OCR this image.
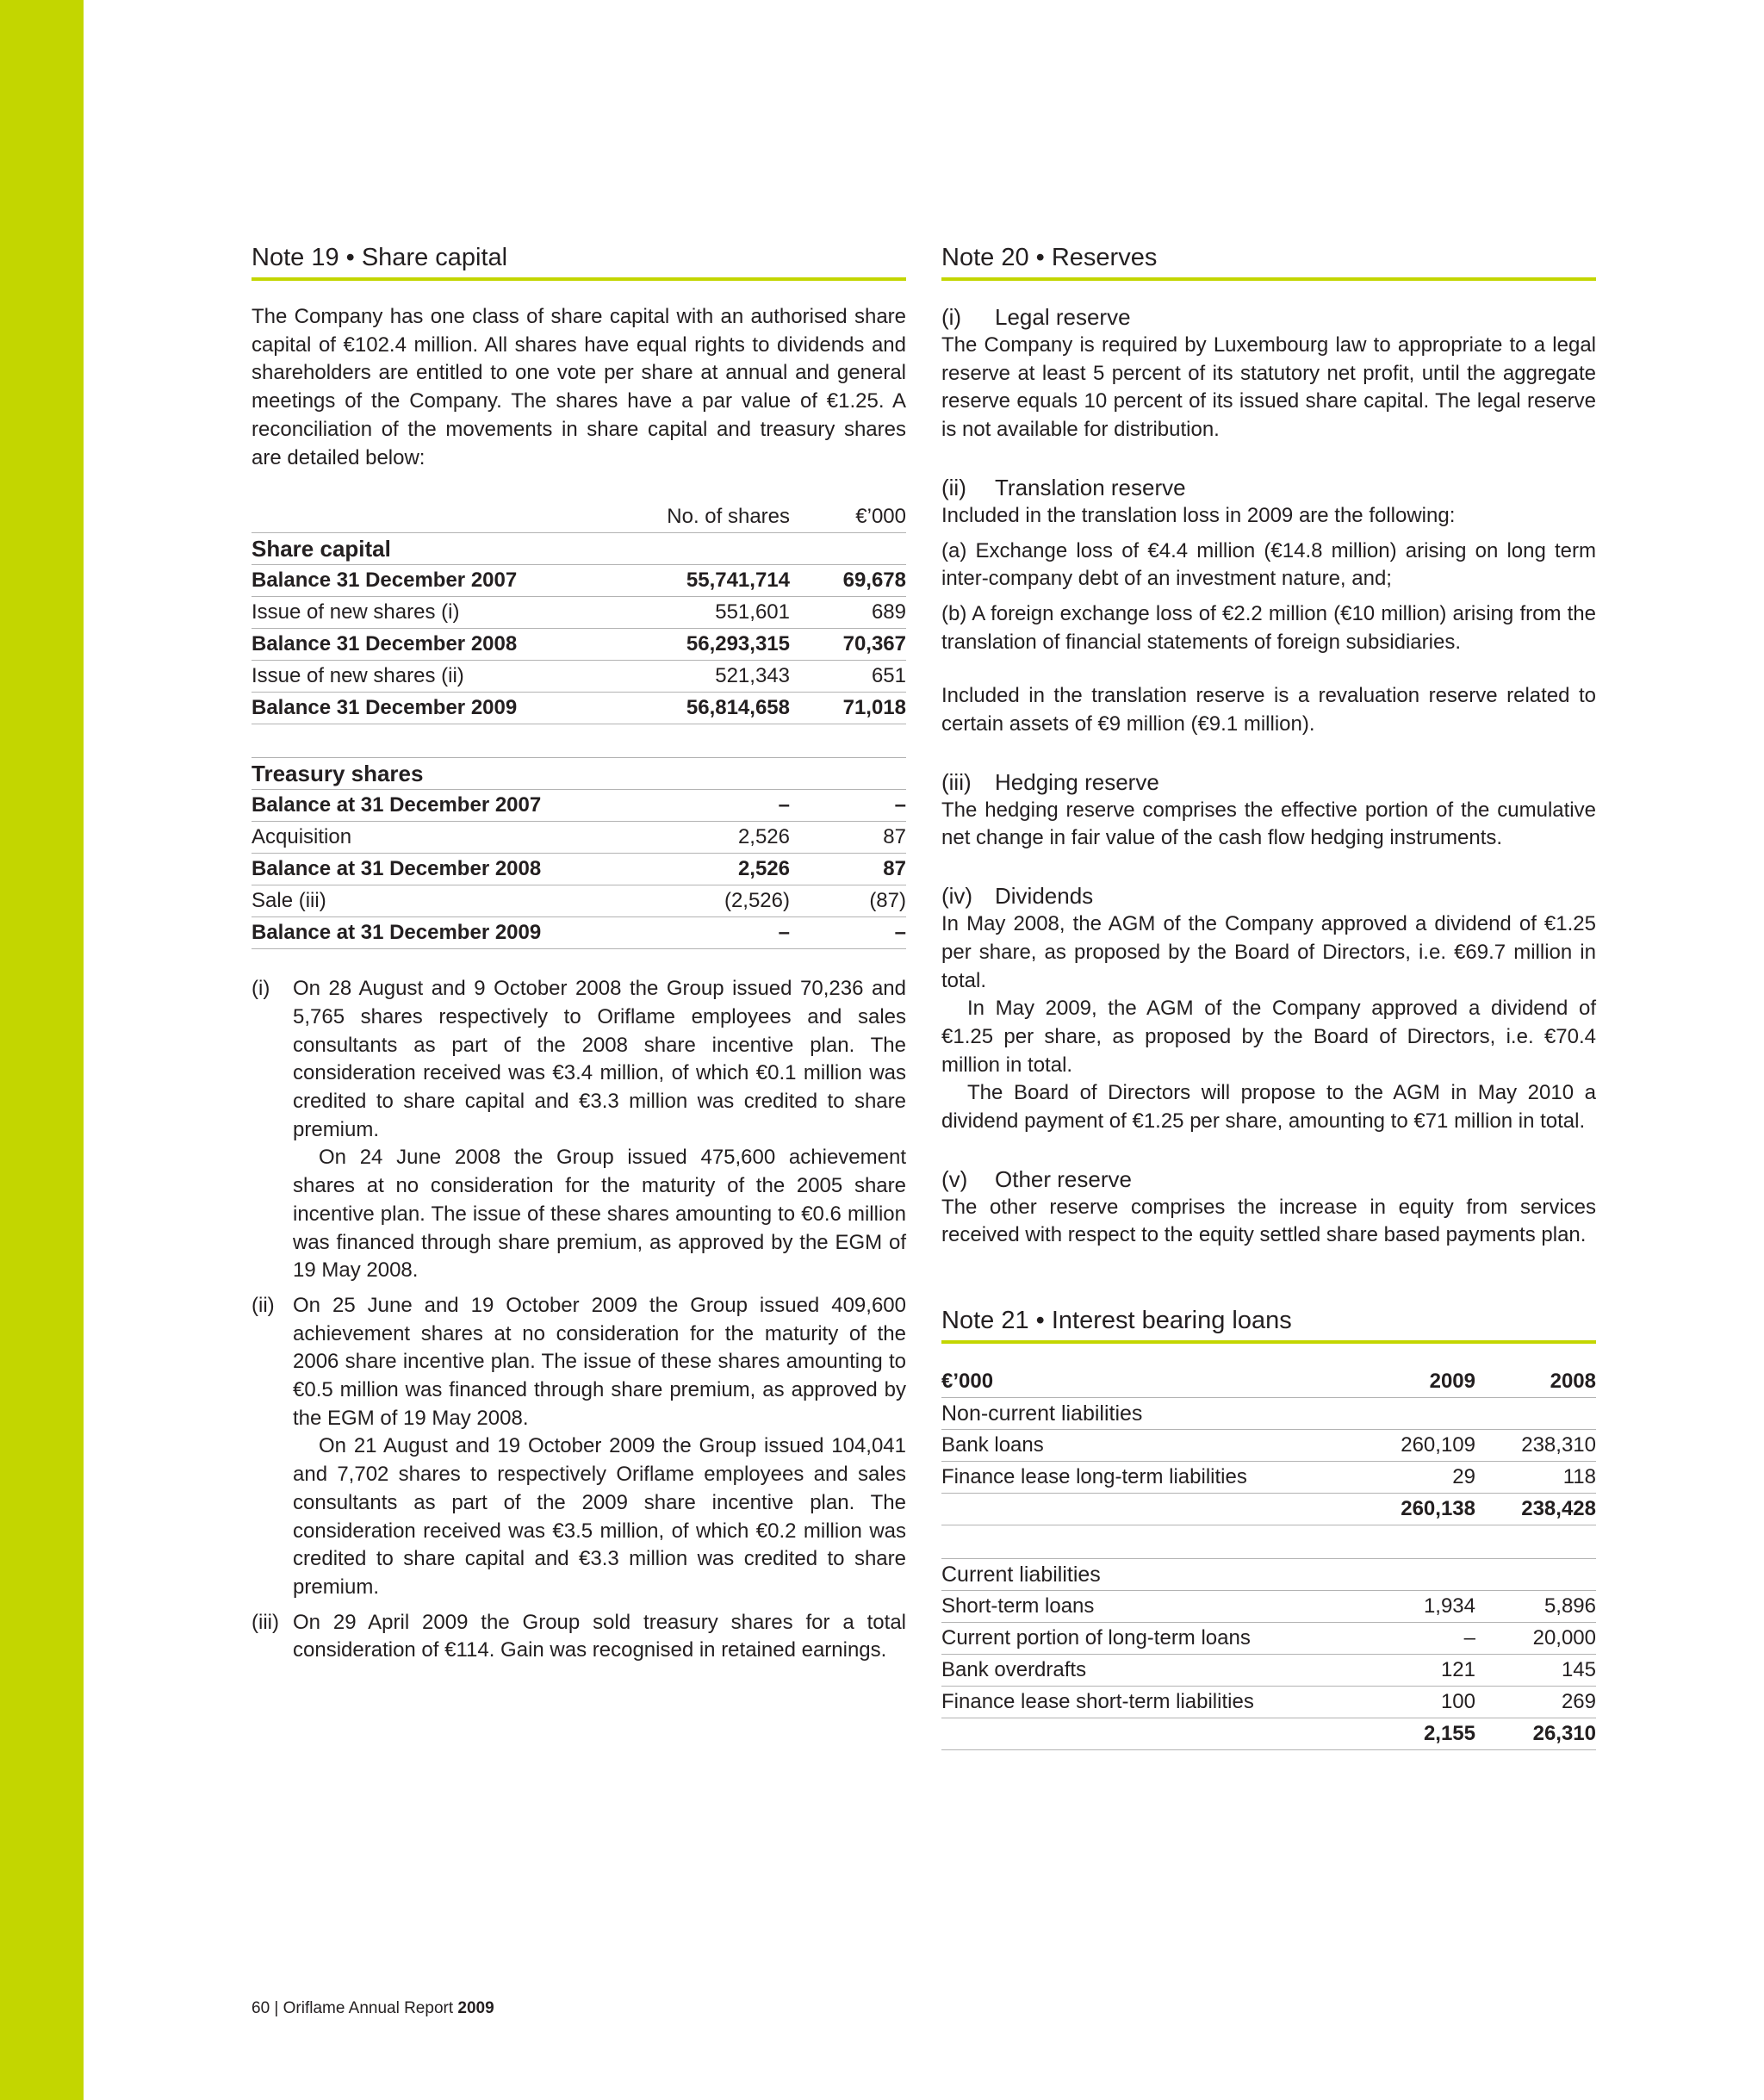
Note 19 • Share capital

The Company has one class of share capital with an authorised share capital of €102.4 million. All shares have equal rights to dividends and shareholders are entitled to one vote per share at annual and general meetings of the Company. The shares have a par value of €1.25. A reconciliation of the movements in share capital and treasury shares are detailed below:

	No. of shares	€’000
Share capital		
Balance 31 December 2007	55,741,714	69,678
Issue of new shares (i)	551,601	689
Balance 31 December 2008	56,293,315	70,367
Issue of new shares (ii)	521,343	651
Balance 31 December 2009	56,814,658	71,018

Treasury shares		
Balance at 31 December 2007	–	–
Acquisition	2,526	87
Balance at 31 December 2008	2,526	87
Sale (iii)	(2,526)	(87)
Balance at 31 December 2009	–	–
(i)	On 28 August and 9 October 2008 the Group issued 70,236 and 5,765 shares respectively to Oriflame employees and sales consultants as part of the 2008 share incentive plan. The consideration received was €3.4 million, of which €0.1 million was credited to share capital and €3.3 million was credited to share premium.

On 24 June 2008 the Group issued 475,600 achievement shares at no consideration for the maturity of the 2005 share incentive plan. The issue of these shares amounting to €0.6 million was financed through share premium, as approved by the EGM of 19 May 2008.

(ii) On 25 June and 19 October 2009 the Group issued 409,600 achievement shares at no consideration for the maturity of the 2006 share incentive plan. The issue of these shares amounting to €0.5 million was financed through share premium, as approved by the EGM of 19 May 2008.

On 21 August and 19 October 2009 the Group issued 104,041 and 7,702 shares to respectively Oriflame employees and sales consultants as part of the 2009 share incentive plan. The consideration received was €3.5 million, of which €0.2 million was credited to share capital and €3.3 million was credited to share premium.

(iii) On 29 April 2009 the Group sold treasury shares for a total consideration of €114. Gain was recognised in retained earnings.

Note 20 • Reserves
(i) Legal reserve

The Company is required by Luxembourg law to appropriate to a legal reserve at least 5 percent of its statutory net profit, until the aggregate reserve equals 10 percent of its issued share capital. The legal reserve is not available for distribution.

(ii) Translation reserve

Included in the translation loss in 2009 are the following:

(a) Exchange loss of €4.4 million (€14.8 million) arising on long term inter-company debt of an investment nature, and;

(b) A foreign exchange loss of €2.2 million (€10 million) arising from the translation of financial statements of foreign subsidiaries.

Included in the translation reserve is a revaluation reserve related to certain assets of €9 million (€9.1 million).

(iii) Hedging reserve

The hedging reserve comprises the effective portion of the cumulative net change in fair value of the cash flow hedging instruments.

(iv) Dividends

In May 2008, the AGM of the Company approved a dividend of €1.25 per share, as proposed by the Board of Directors, i.e. €69.7 million in total.

In May 2009, the AGM of the Company approved a dividend of €1.25 per share, as proposed by the Board of Directors, i.e. €70.4 million in total.

The Board of Directors will propose to the AGM in May 2010 a dividend payment of €1.25 per share, amounting to €71 million in total.

(v) Other reserve

The other reserve comprises the increase in equity from services received with respect to the equity settled share based payments plan.

Note 21 • Interest bearing loans
€’000	2009	2008
Non-current liabilities		
Bank loans	260,109	238,310
Finance lease long-term liabilities	29	118
	260,138	238,428

Current liabilities		
Short-term loans	1,934	5,896
Current portion of long-term loans	–	20,000
Bank overdrafts	121	145
Finance lease short-term liabilities	100	269
	2,155	26,310
60 | Oriflame Annual Report 2009
